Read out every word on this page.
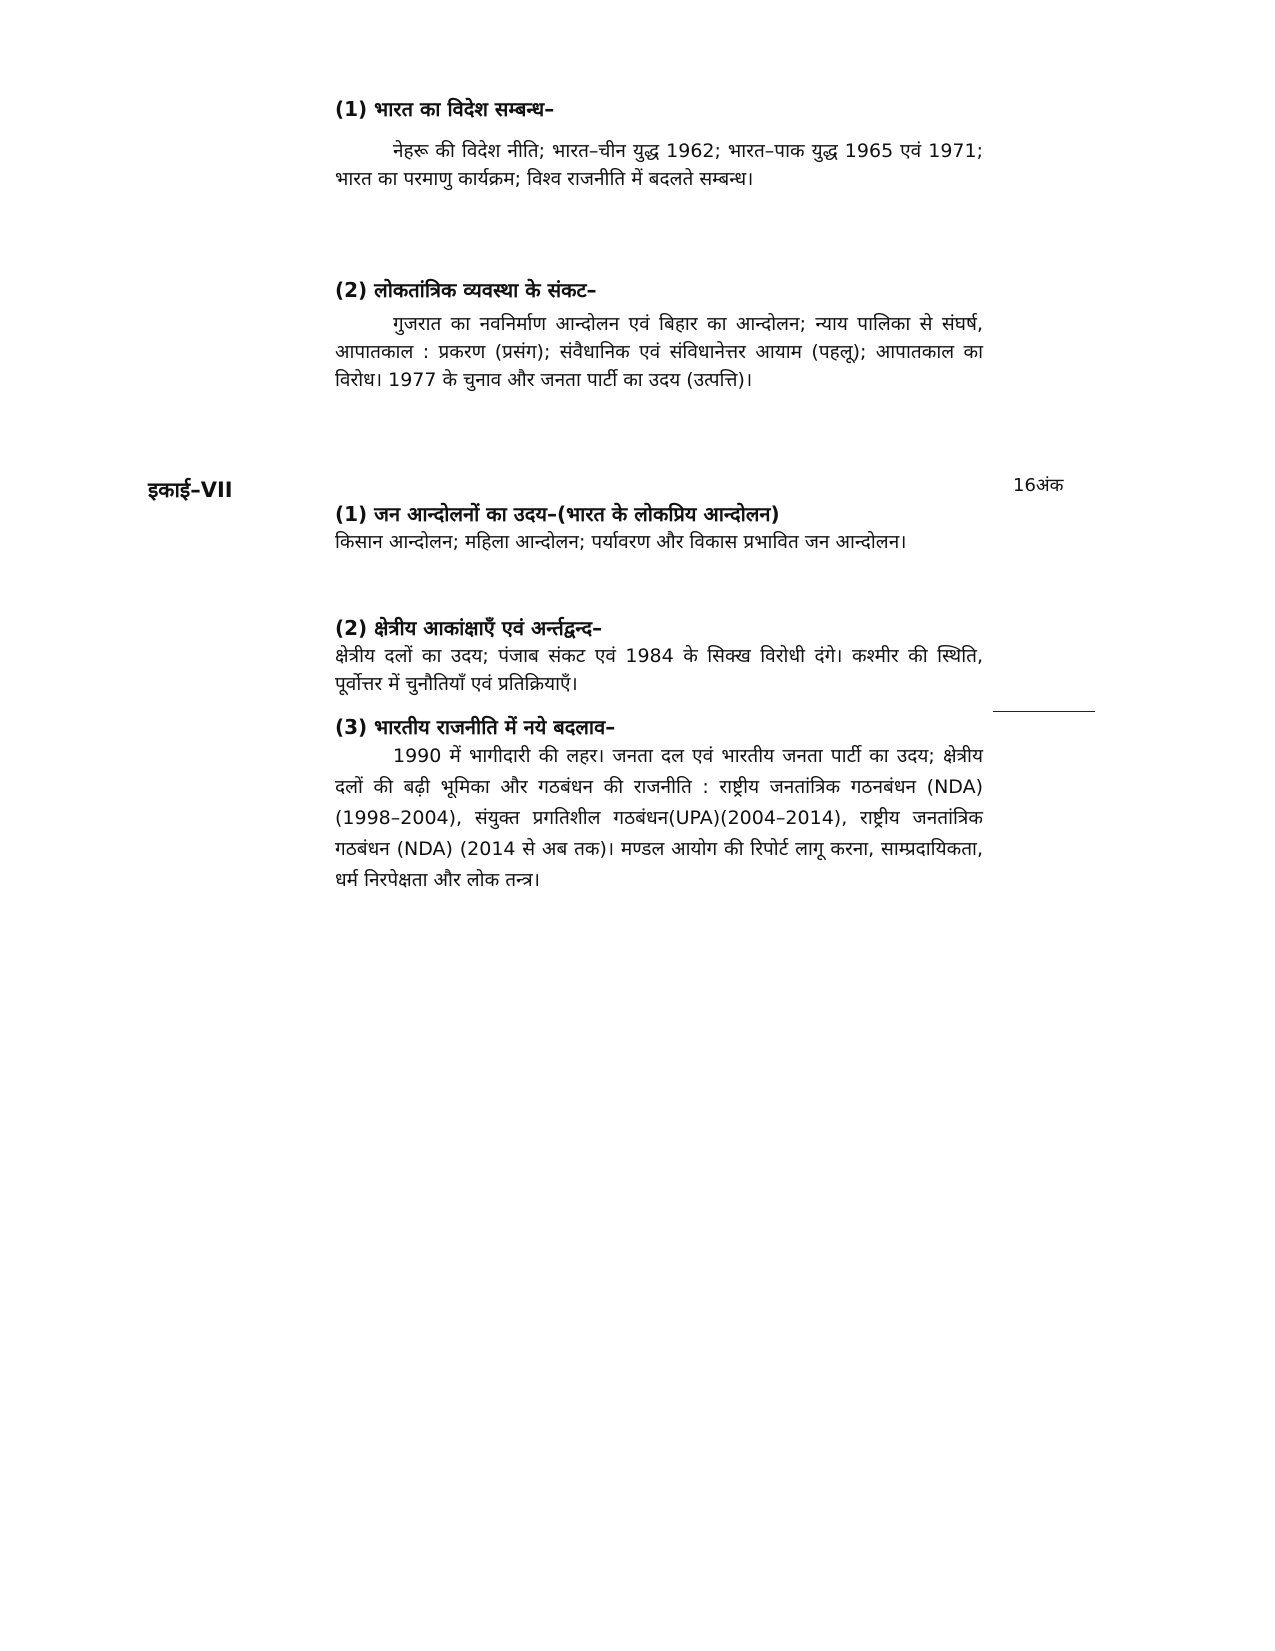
(1) भारत का विदेश सम्बन्ध–

नेहरू की विदेश नीति; भारत–चीन युद्ध 1962; भारत–पाक युद्ध 1965 एवं 1971; भारत का परमाणु कार्यक्रम; विश्व राजनीति में बदलते सम्बन्ध।

(2) लोकतांत्रिक व्यवस्था के संकट–

गुजरात का नवनिर्माण आन्दोलन एवं बिहार का आन्दोलन; न्याय पालिका से संघर्ष, आपातकाल : प्रकरण (प्रसंग); संवैधानिक एवं संविधानेत्तर आयाम (पहलू); आपातकाल का विरोध। 1977 के चुनाव और जनता पार्टी का उदय (उत्पत्ति)।

इकाई–VII	16अंक

(1) जन आन्दोलनों का उदय–(भारत के लोकप्रिय आन्दोलन)

किसान आन्दोलन; महिला आन्दोलन; पर्यावरण और विकास प्रभावित जन आन्दोलन।

(2) क्षेत्रीय आकांक्षाएँ एवं अर्न्तद्वन्द–

क्षेत्रीय दलों का उदय; पंजाब संकट एवं 1984 के सिक्ख विरोधी दंगे। कश्मीर की स्थिति, पूर्वोत्तर में चुनौतियाँ एवं प्रतिक्रियाएँ।

(3) भारतीय राजनीति में नये बदलाव–

1990 में भागीदारी की लहर। जनता दल एवं भारतीय जनता पार्टी का उदय; क्षेत्रीय दलों की बढ़ी भूमिका और गठबंधन की राजनीति : राष्ट्रीय जनतांत्रिक गठनबंधन (NDA) (1998–2004), संयुक्त प्रगतिशील गठबंधन(UPA)(2004–2014), राष्ट्रीय जनतांत्रिक गठबंधन (NDA) (2014 से अब तक)। मण्डल आयोग की रिपोर्ट लागू करना, साम्प्रदायिकता, धर्म निरपेक्षता और लोक तन्त्र।
